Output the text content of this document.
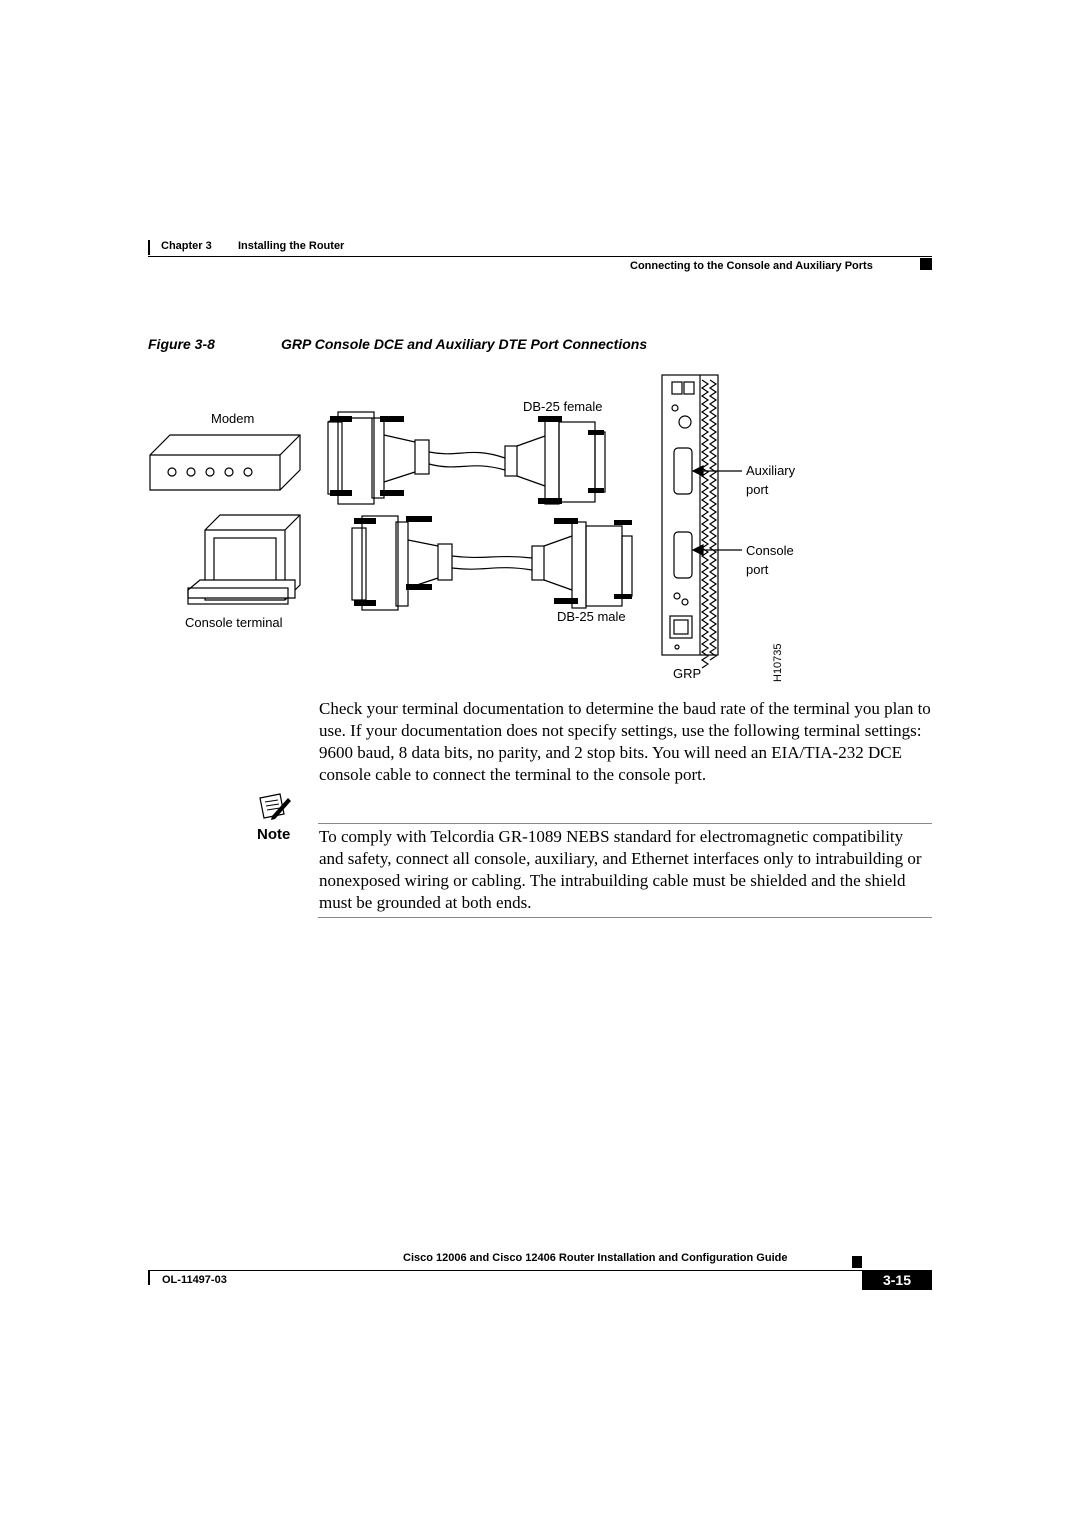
Chapter 3 Installing the Router
Connecting to the Console and Auxiliary Ports
Figure 3-8	GRP Console DCE and Auxiliary DTE Port Connections
Modem
Console terminal
DB-25 female
DB-25 male
Auxiliary
port
Console
port
GRP	H10735
Check your terminal documentation to determine the baud rate of the terminal you plan to use. If your documentation does not specify settings, use the following terminal settings: 9600 baud, 8 data bits, no parity, and 2 stop bits. You will need an EIA/TIA-232 DCE console cable to connect the terminal to the console port.
Note To comply with Telcordia GR-1089 NEBS standard for electromagnetic compatibility and safety, connect all console, auxiliary, and Ethernet interfaces only to intrabuilding or nonexposed wiring or cabling. The intrabuilding cable must be shielded and the shield must be grounded at both ends.
Cisco 12006 and Cisco 12406 Router Installation and Configuration Guide
OL-11497-03	3-15
